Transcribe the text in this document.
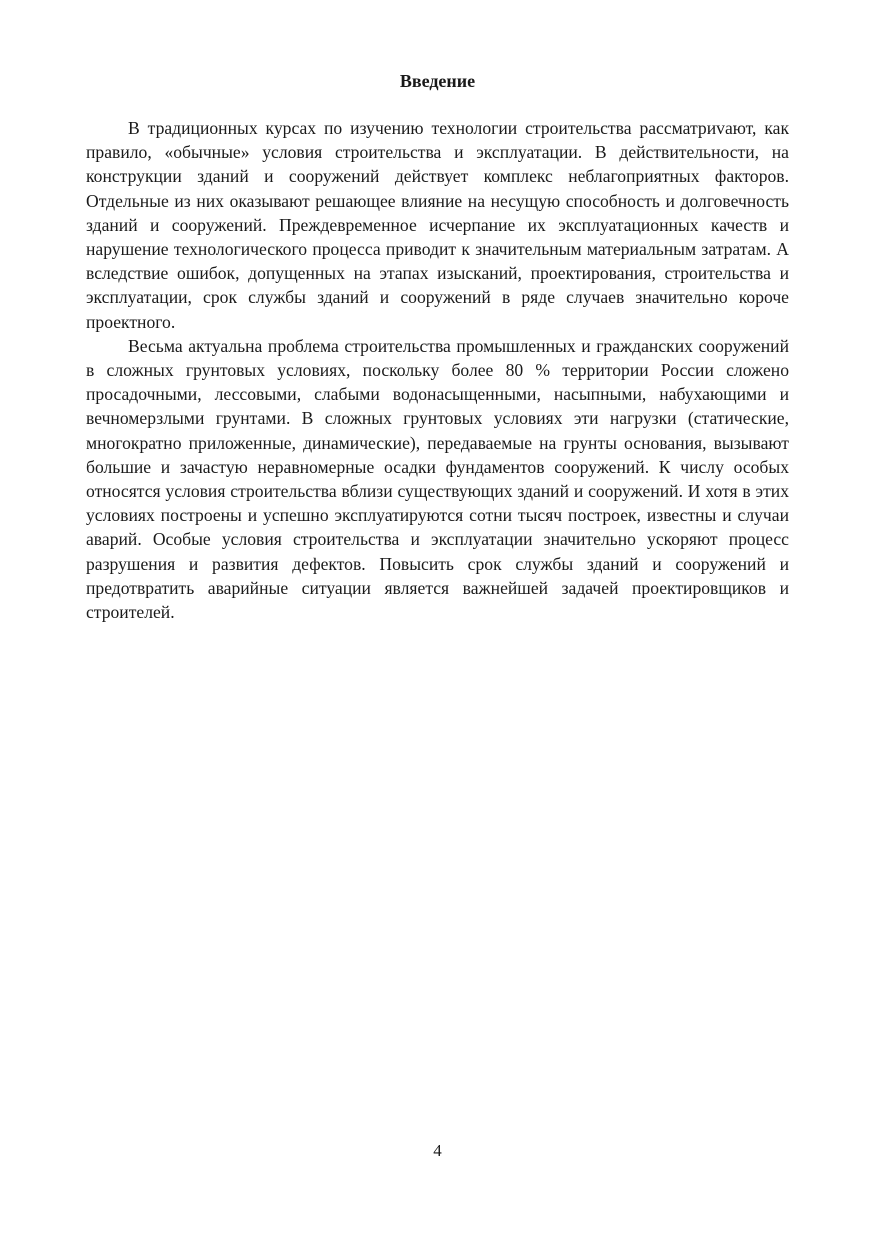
Введение

В традиционных курсах по изучению технологии строительства рассматриvают, как правило, «обычные» условия строительства и эксплуатации. В действительности, на конструкции зданий и сооружений действует комплекс неблагоприятных факторов. Отдельные из них оказывают решающее влияние на несущую способность и долговечность зданий и сооружений. Преждевременное исчерпание их эксплуатационных качеств и нарушение технологического процесса приводит к значительным материальным затратам. А вследствие ошибок, допущенных на этапах изысканий, проектирования, строительства и эксплуатации, срок службы зданий и сооружений в ряде случаев значительно короче проектного.

Весьма актуальна проблема строительства промышленных и гражданских сооружений в сложных грунтовых условиях, поскольку более 80 % территории России сложено просадочными, лессовыми, слабыми водонасыщенными, насыпными, набухающими и вечномерзлыми грунтами. В сложных грунтовых условиях эти нагрузки (статические, многократно приложенные, динамические), передаваемые на грунты основания, вызывают большие и зачастую неравномерные осадки фундаментов сооружений. К числу особых относятся условия строительства вблизи существующих зданий и сооружений. И хотя в этих условиях построены и успешно эксплуатируются сотни тысяч построек, известны и случаи аварий. Особые условия строительства и эксплуатации значительно ускоряют процесс разрушения и развития дефектов. Повысить срок службы зданий и сооружений и предотвратить аварийные ситуации является важнейшей задачей проектировщиков и строителей.

4
